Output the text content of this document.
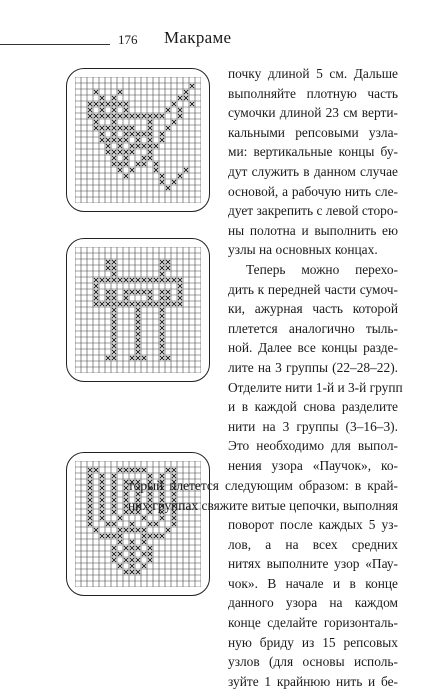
176 Макраме
почку длиной 5 см. Дальше
выполняйте плотную часть
сумочки длиной 23 см верти-
кальными репсовыми узла-
ми: вертикальные концы бу-
дут служить в данном случае
основой, а рабочую нить сле-
дует закрепить с левой сторо-
ны полотна и выполнить ею
узлы на основных концах.
Теперь можно перехо-
дить к передней части сумоч-
ки, ажурная часть которой
плетется аналогично тыль-
ной. Далее все концы разде-
лите на 3 группы (22–28–22).
Отделите нити 1-й и 3-й групп
и в каждой снова разделите
нити на 3 группы (3–16–3).
Это необходимо для выпол-
нения узора «Паучок», ко-
торый плетется следующим образом: в край-
них группах свяжите витые цепочки, выполняя
поворот после каждых 5 уз-
лов, а на всех средних
нитях выполните узор «Пау-
чок». В начале и в конце
данного узора на каждом
конце сделайте горизонталь-
ную бриду из 15 репсовых
узлов (для основы исполь-
зуйте 1 крайнюю нить и бе-
